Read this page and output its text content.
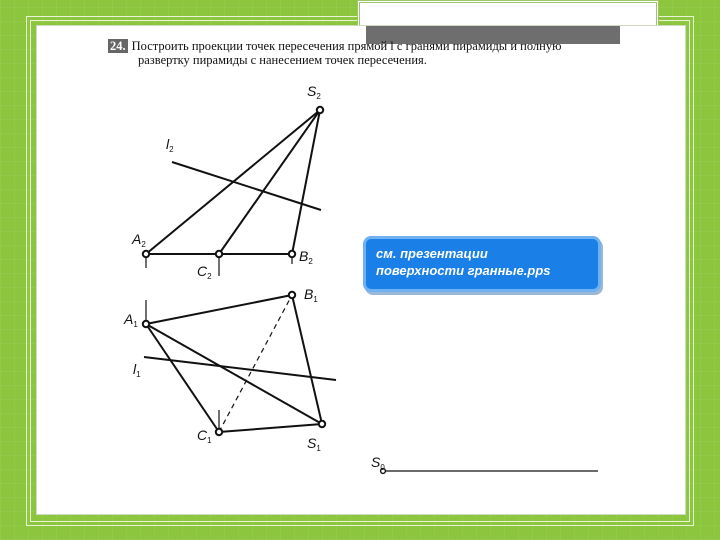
24. Построить проекции точек пересечения прямой l с гранями пирамиды и полную
развертку пирамиды с нанесением точек пересечения.
$S_2$
$l_2$
$A_2$
$C_2$
$B_2$
$B_1$
$A_1$
$l_1$
$C_1$	$S_1$
$S_0$
см. презентации
поверхности гранные.pps
